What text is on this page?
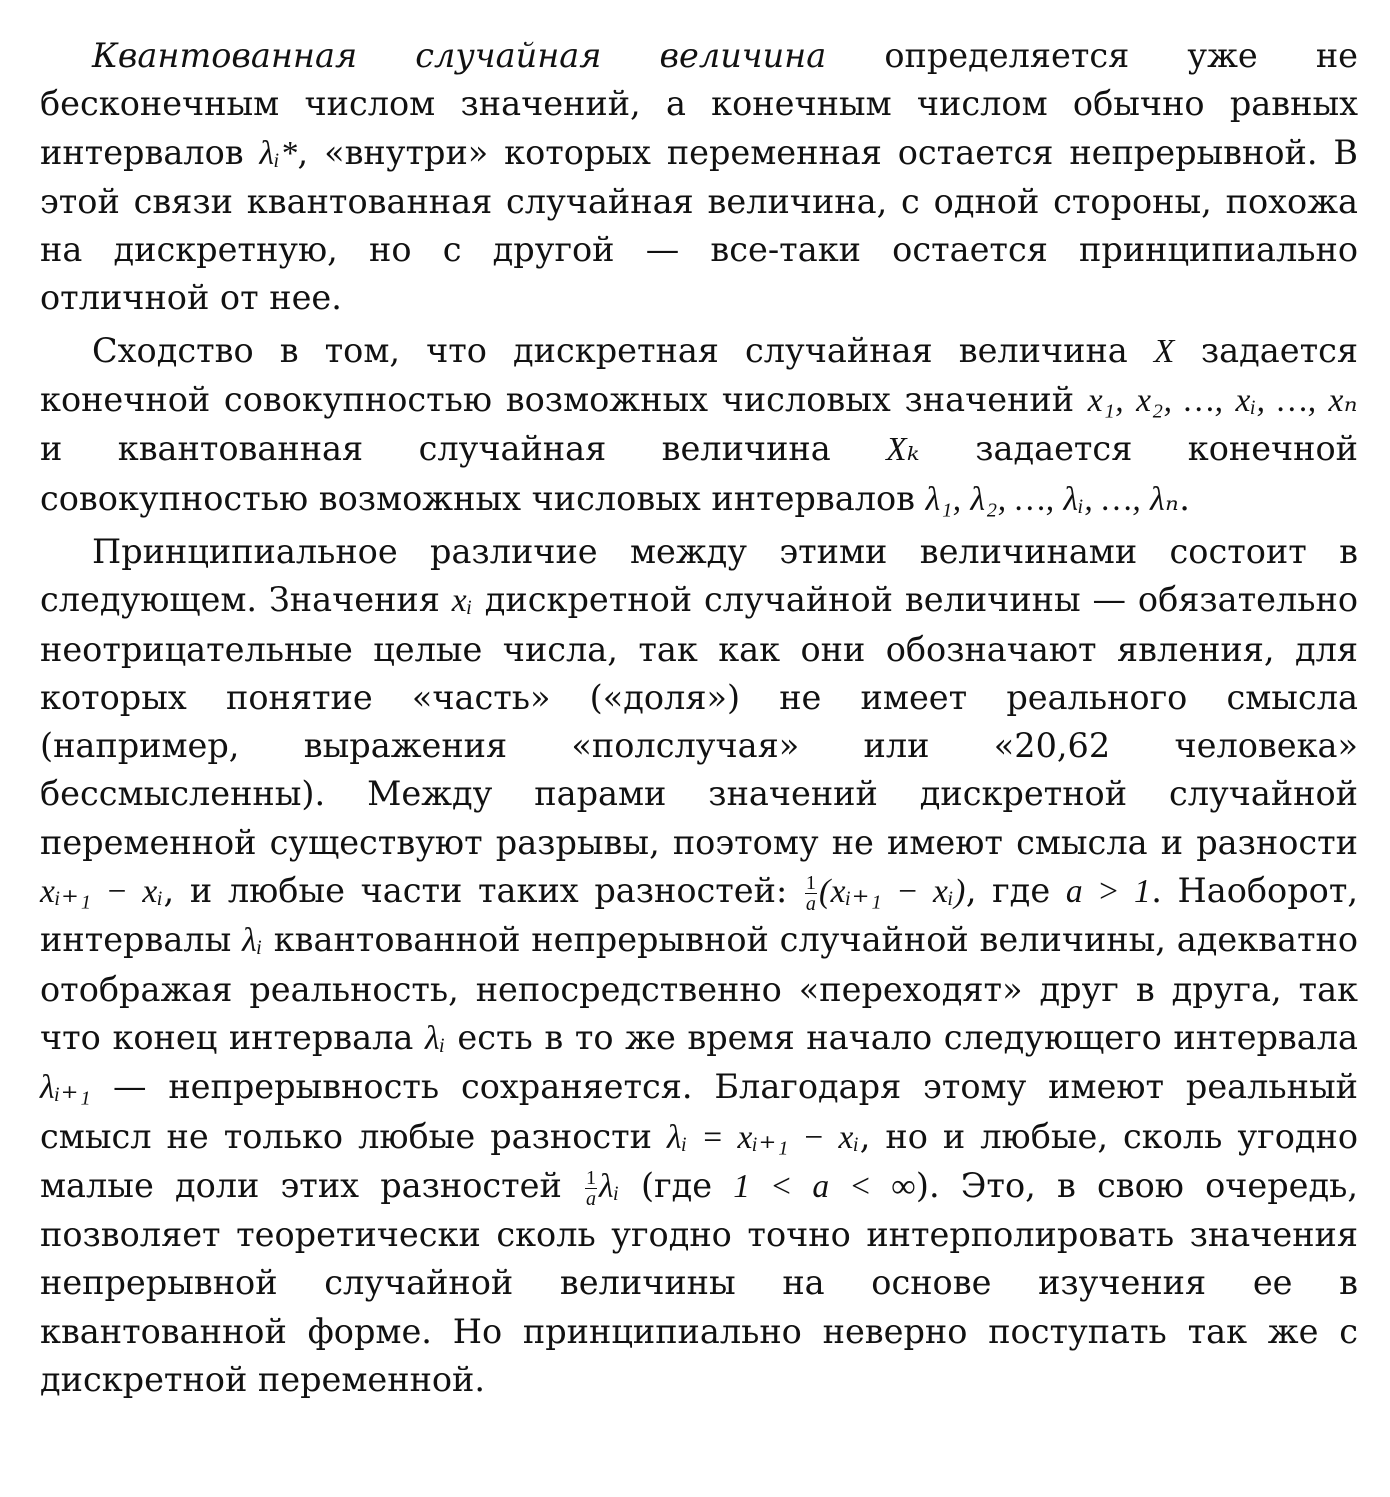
Квантованная случайная величина определяется уже не бесконечным числом значений, а конечным числом обычно равных интервалов λᵢ*, «внутри» которых переменная остается непрерывной. В этой связи квантованная случайная величина, с одной стороны, похожа на дискретную, но с другой — все-таки остается принципиально отличной от нее.

Сходство в том, что дискретная случайная величина X задается конечной совокупностью возможных числовых значений x₁, x₂, …, xᵢ, …, xₙ и квантованная случайная величина Xₖ задается конечной совокупностью возможных числовых интервалов λ₁, λ₂, …, λᵢ, …, λₙ.

Принципиальное различие между этими величинами состоит в следующем. Значения xᵢ дискретной случайной величины — обязательно неотрицательные целые числа, так как они обозначают явления, для которых понятие «часть» («доля») не имеет реального смысла (например, выражения «полслучая» или «20,62 человека» бессмысленны). Между парами значений дискретной случайной переменной существуют разрывы, поэтому не имеют смысла и разности xᵢ₊₁ − xᵢ, и любые части таких разностей: $\frac{1}{a}$ (xᵢ₊₁ − xᵢ), где a > 1. Наоборот, интервалы λᵢ квантованной непрерывной случайной величины, адекватно отображая реальность, непосредственно «переходят» друг в друга, так что конец интервала λᵢ есть в то же время начало следующего интервала λᵢ₊₁ — непрерывность сохраняется. Благодаря этому имеют реальный смысл не только любые разности λᵢ = xᵢ₊₁ − xᵢ, но и любые, сколь угодно малые доли этих разностей $\frac{1}{a}$ λᵢ (где 1 < a < ∞). Это, в свою очередь, позволяет теоретически сколь угодно точно интерполировать значения непрерывной случайной величины на основе изучения ее в квантованной форме. Но принципиально неверно поступать так же с дискретной переменной.
